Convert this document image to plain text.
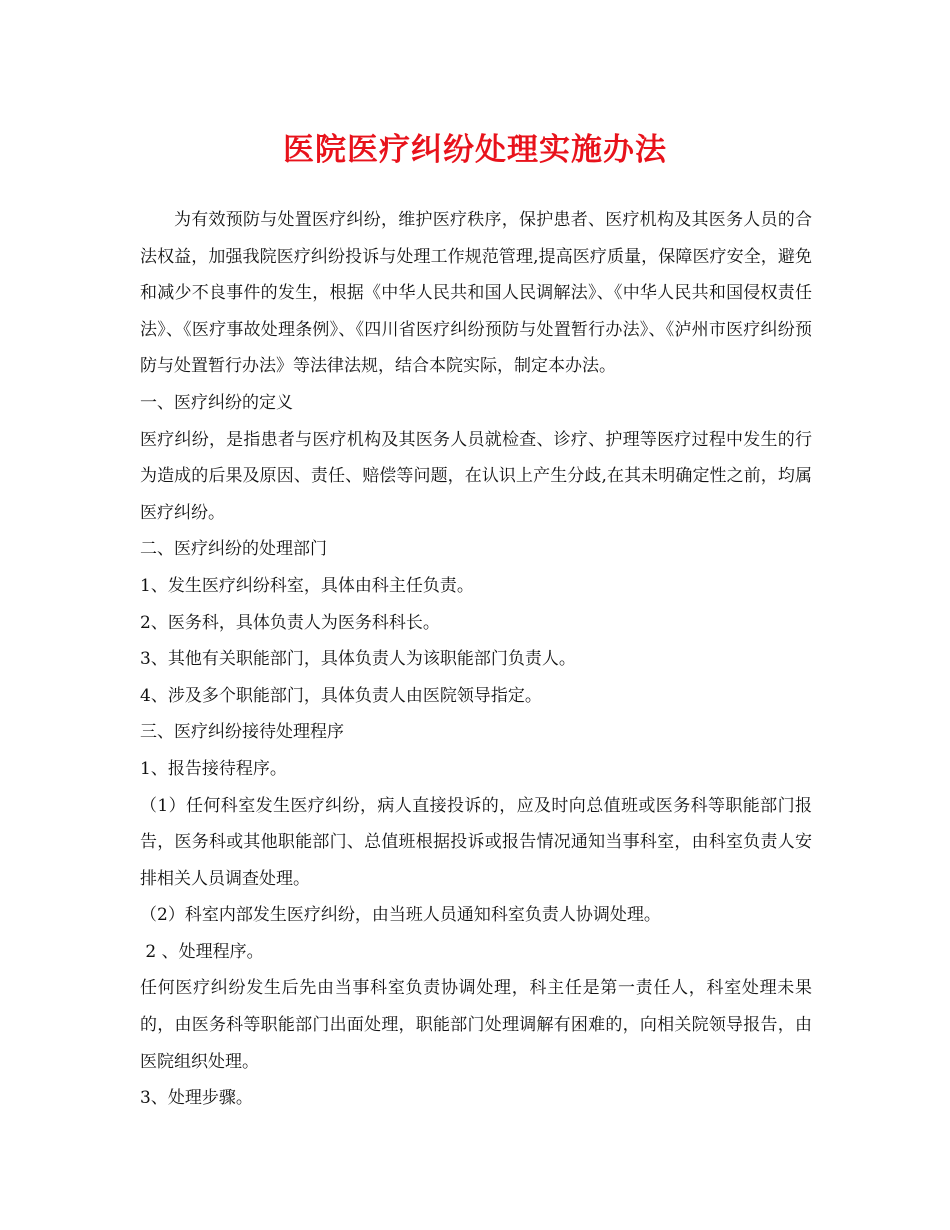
医院医疗纠纷处理实施办法

为有效预防与处置医疗纠纷，维护医疗秩序，保护患者、医疗机构及其医务人员的合法权益，加强我院医疗纠纷投诉与处理工作规范管理,提高医疗质量，保障医疗安全，避免和减少不良事件的发生，根据《中华人民共和国人民调解法》、《中华人民共和国侵权责任法》、《医疗事故处理条例》、《四川省医疗纠纷预防与处置暂行办法》、《泸州市医疗纠纷预防与处置暂行办法》等法律法规，结合本院实际，制定本办法。

一、医疗纠纷的定义

医疗纠纷，是指患者与医疗机构及其医务人员就检查、诊疗、护理等医疗过程中发生的行为造成的后果及原因、责任、赔偿等问题，在认识上产生分歧,在其未明确定性之前，均属医疗纠纷。

二、医疗纠纷的处理部门

1、发生医疗纠纷科室，具体由科主任负责。

2、医务科，具体负责人为医务科科长。

3、其他有关职能部门，具体负责人为该职能部门负责人。

4、涉及多个职能部门，具体负责人由医院领导指定。

三、医疗纠纷接待处理程序

1、报告接待程序。

（1）任何科室发生医疗纠纷，病人直接投诉的，应及时向总值班或医务科等职能部门报告，医务科或其他职能部门、总值班根据投诉或报告情况通知当事科室，由科室负责人安排相关人员调查处理。

（2）科室内部发生医疗纠纷，由当班人员通知科室负责人协调处理。

2 、处理程序。

任何医疗纠纷发生后先由当事科室负责协调处理，科主任是第一责任人，科室处理未果的，由医务科等职能部门出面处理，职能部门处理调解有困难的，向相关院领导报告，由医院组织处理。

3、处理步骤。
